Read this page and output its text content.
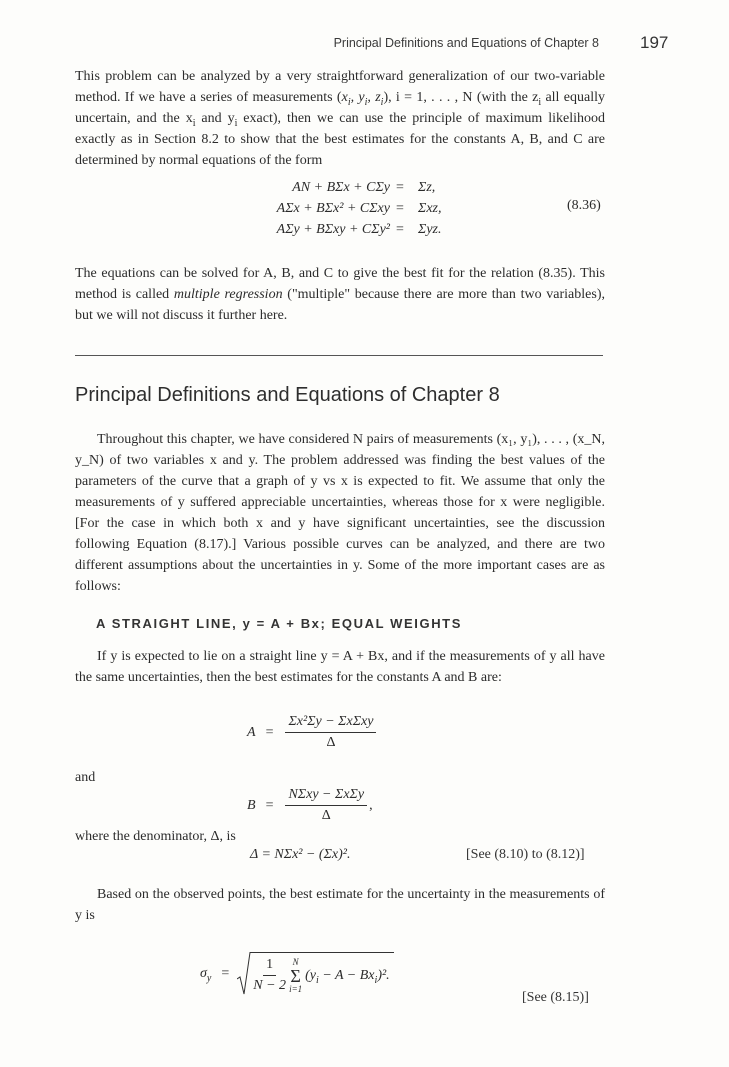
Principal Definitions and Equations of Chapter 8 197

This problem can be analyzed by a very straightforward generalization of our two-variable method. If we have a series of measurements ($x_i$, $y_i$, $z_i$), i = 1, . . . , N (with the $z_i$ all equally uncertain, and the $x_i$ and $y_i$ exact), then we can use the principle of maximum likelihood exactly as in Section 8.2 to show that the best estimates for the constants A, B, and C are determined by normal equations of the form

AN + BΣx + CΣy = Σz,
AΣx + BΣx² + CΣxy = Σxz,
AΣy + BΣxy + CΣy² = Σyz.
(8.36)

The equations can be solved for A, B, and C to give the best fit for the relation (8.35). This method is called multiple regression ("multiple" because there are more than two variables), but we will not discuss it further here.

Principal Definitions and Equations of Chapter 8

Throughout this chapter, we have considered N pairs of measurements (x₁, y₁), . . . , (x_N, y_N) of two variables x and y. The problem addressed was finding the best values of the parameters of the curve that a graph of y vs x is expected to fit. We assume that only the measurements of y suffered appreciable uncertainties, whereas those for x were negligible. [For the case in which both x and y have significant uncertainties, see the discussion following Equation (8.17).] Various possible curves can be analyzed, and there are two different assumptions about the uncertainties in y. Some of the more important cases are as follows:

A STRAIGHT LINE, y = A + Bx; EQUAL WEIGHTS

If y is expected to lie on a straight line y = A + Bx, and if the measurements of y all have the same uncertainties, then the best estimates for the constants A and B are:

$A = \frac{\text{Σx²Σy − ΣxΣxy}}{\Delta}$

and

$B = \frac{\text{NΣxy − ΣxΣy}}{\Delta}$ ,

where the denominator, Δ, is

Δ = NΣx² − (Σx)².	[See (8.10) to (8.12)]

Based on the observed points, the best estimate for the uncertainty in the measurements of y is

$\sigma_y = \frac{1}{N - 2}$ N
Σ
i=1
$(y_i - A - Bx_i)^2$.
[See (8.15)]
